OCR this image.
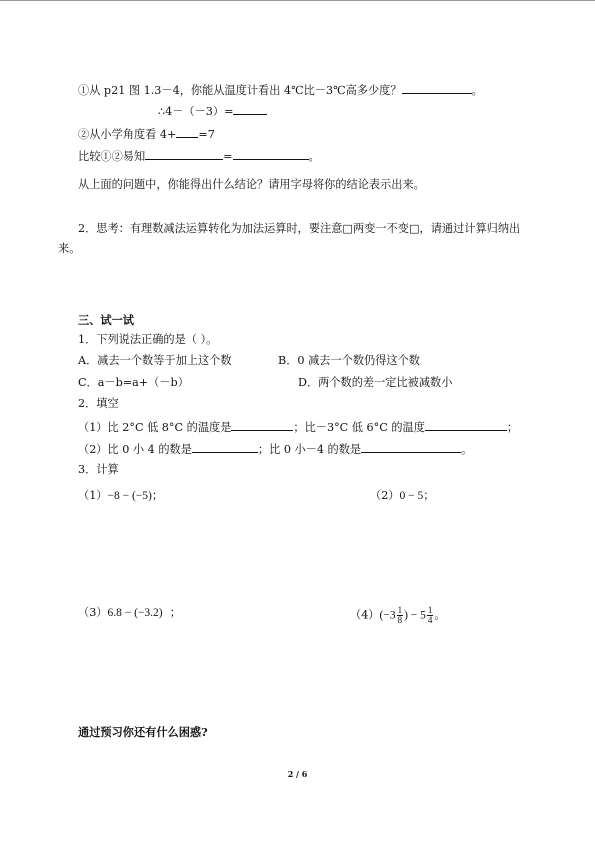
①从 p21 图 1.3－4，你能从温度计看出 4℃比－3℃高多少度？	。
∴4－（－3）=
②从小学角度看 4+ =7
比较①②易知	=	。
从上面的问题中，你能得出什么结论？请用字母将你的结论表示出来。
2．思考：有理数减法运算转化为加法运算时，要注意□两变一不变□，请通过计算归纳出
来。
三、试一试
1．下列说法正确的是（ ）。
A．减去一个数等于加上这个数	B．0 减去一个数仍得这个数
C．a－b=a+（－b）	D．两个数的差一定比被减数小
2．填空
（1）比 2°C 低 8°C 的温度是	；比－3°C 低 6°C 的温度	；
（2）比 0 小 4 的数是	；比 0 小－4 的数是	。
3．计算
（1）−8 − (−5)；	（2）0 − 5；
（3）6.8 − (−3.2) ；	$(4)(-3 \frac{1}{8}$ ) − $5 \frac{1}{4}$ 。
通过预习你还有什么困惑?
2 / 6
